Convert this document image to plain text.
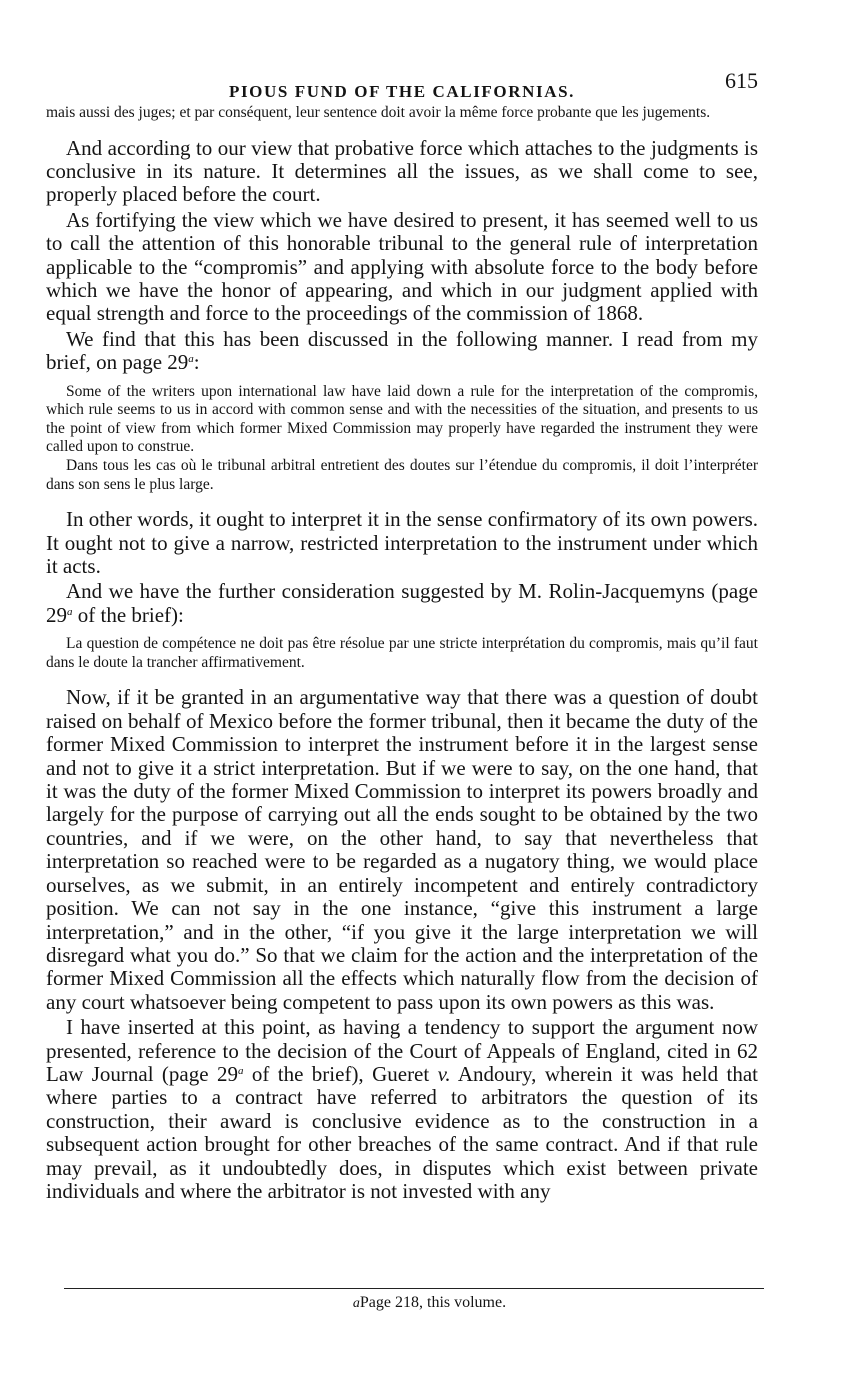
PIOUS FUND OF THE CALIFORNIAS.	615

mais aussi des juges; et par conséquent, leur sentence doit avoir la même force probante que les jugements.

And according to our view that probative force which attaches to the judgments is conclusive in its nature. It determines all the issues, as we shall come to see, properly placed before the court.

As fortifying the view which we have desired to present, it has seemed well to us to call the attention of this honorable tribunal to the general rule of interpretation applicable to the “compromis” and applying with absolute force to the body before which we have the honor of appearing, and which in our judgment applied with equal strength and force to the proceedings of the commission of 1868.

We find that this has been discussed in the following manner. I read from my brief, on page 29$^a$:

Some of the writers upon international law have laid down a rule for the interpretation of the compromis, which rule seems to us in accord with common sense and with the necessities of the situation, and presents to us the point of view from which former Mixed Commission may properly have regarded the instrument they were called upon to construe.

Dans tous les cas où le tribunal arbitral entretient des doutes sur l’étendue du compromis, il doit l’interpréter dans son sens le plus large.

In other words, it ought to interpret it in the sense confirmatory of its own powers. It ought not to give a narrow, restricted interpretation to the instrument under which it acts.

And we have the further consideration suggested by M. Rolin-Jacquemyns (page 29$^a$ of the brief):

La question de compétence ne doit pas être résolue par une stricte interprétation du compromis, mais qu’il faut dans le doute la trancher affirmativement.

Now, if it be granted in an argumentative way that there was a question of doubt raised on behalf of Mexico before the former tribunal, then it became the duty of the former Mixed Commission to interpret the instrument before it in the largest sense and not to give it a strict interpretation. But if we were to say, on the one hand, that it was the duty of the former Mixed Commission to interpret its powers broadly and largely for the purpose of carrying out all the ends sought to be obtained by the two countries, and if we were, on the other hand, to say that nevertheless that interpretation so reached were to be regarded as a nugatory thing, we would place ourselves, as we submit, in an entirely incompetent and entirely contradictory position. We can not say in the one instance, “give this instrument a large interpretation,” and in the other, “if you give it the large interpretation we will disregard what you do.” So that we claim for the action and the interpretation of the former Mixed Commission all the effects which naturally flow from the decision of any court whatsoever being competent to pass upon its own powers as this was.

I have inserted at this point, as having a tendency to support the argument now presented, reference to the decision of the Court of Appeals of England, cited in 62 Law Journal (page 29$^a$ of the brief), Gueret v. Andoury, wherein it was held that where parties to a contract have referred to arbitrators the question of its construction, their award is conclusive evidence as to the construction in a subsequent action brought for other breaches of the same contract. And if that rule may prevail, as it undoubtedly does, in disputes which exist between private individuals and where the arbitrator is not invested with any

aPage 218, this volume.
